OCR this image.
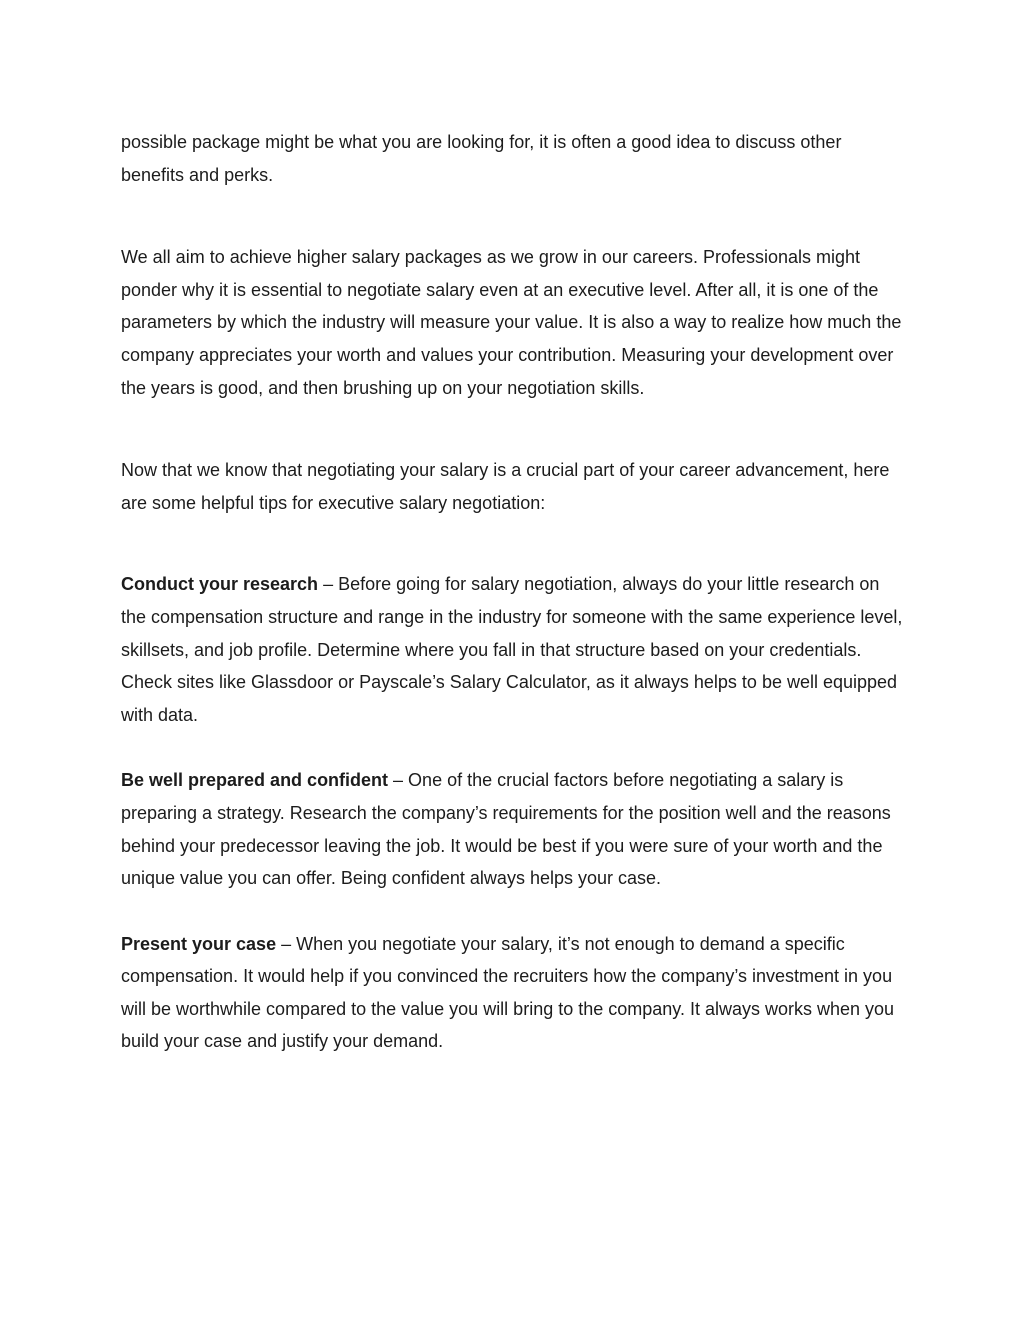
possible package might be what you are looking for, it is often a good idea to discuss other benefits and perks.

We all aim to achieve higher salary packages as we grow in our careers. Professionals might ponder why it is essential to negotiate salary even at an executive level. After all, it is one of the parameters by which the industry will measure your value. It is also a way to realize how much the company appreciates your worth and values your contribution. Measuring your development over the years is good, and then brushing up on your negotiation skills.

Now that we know that negotiating your salary is a crucial part of your career advancement, here are some helpful tips for executive salary negotiation:

Conduct your research – Before going for salary negotiation, always do your little research on the compensation structure and range in the industry for someone with the same experience level, skillsets, and job profile. Determine where you fall in that structure based on your credentials. Check sites like Glassdoor or Payscale’s Salary Calculator, as it always helps to be well equipped with data.

Be well prepared and confident – One of the crucial factors before negotiating a salary is preparing a strategy. Research the company’s requirements for the position well and the reasons behind your predecessor leaving the job. It would be best if you were sure of your worth and the unique value you can offer. Being confident always helps your case.

Present your case – When you negotiate your salary, it’s not enough to demand a specific compensation. It would help if you convinced the recruiters how the company’s investment in you will be worthwhile compared to the value you will bring to the company. It always works when you build your case and justify your demand.
